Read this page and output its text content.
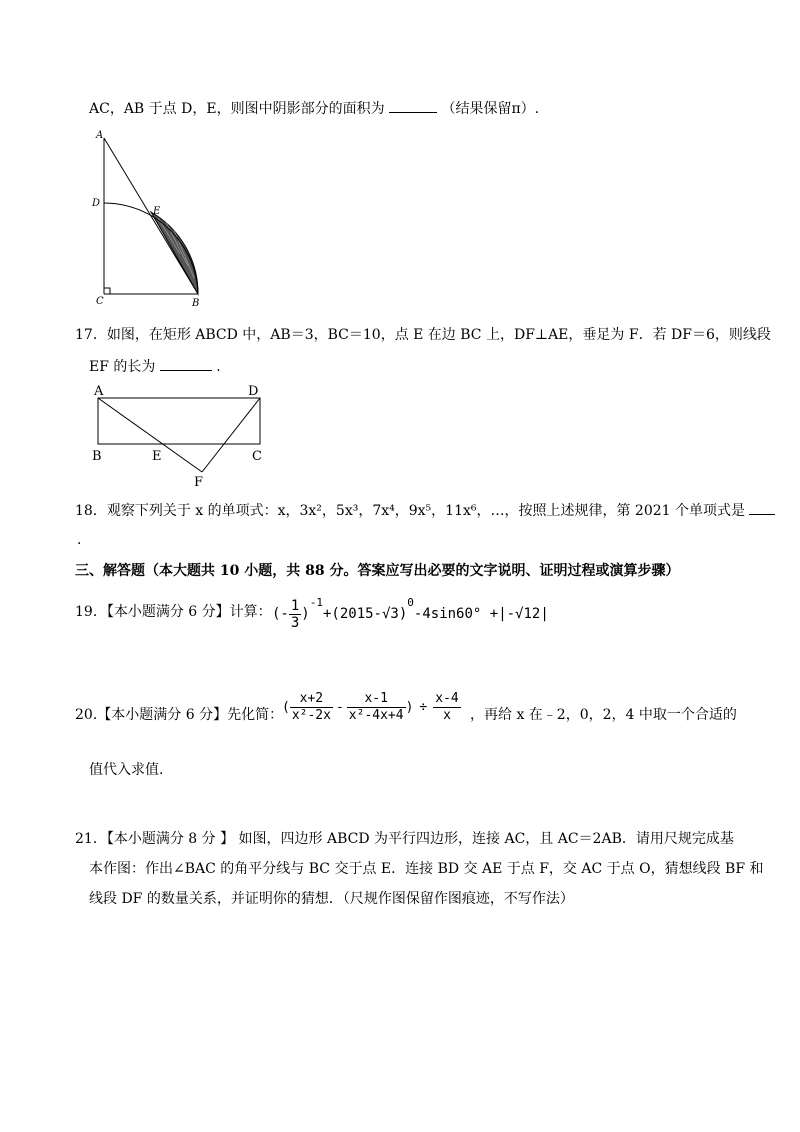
AC，AB 于点 D，E，则图中阴影部分的面积为	（结果保留π）.
A
D
E
C	B
17．如图，在矩形 ABCD 中，AB＝3，BC＝10，点 E 在边 BC 上，DF⊥AE，垂足为 F．若 DF＝6，则线段
EF 的长为	.
A	D
B	E	C
F
18．观察下列关于 x 的单项式：x，3x²，5x³，7x⁴，9x⁵，11x⁶，…，按照上述规律，第 2021 个单项式是
.
三、解答题（本大题共 10 小题，共 88 分。答案应写出必要的文字说明、证明过程或演算步骤）
19．【本小题满分 6 分】计算： (- $\frac{1}{3}$ )
$^{-1}$
+(2015-√3)
$^0$
-4sin60° +|-√12|
20.【本小题满分 6 分】先化简：
( $\frac{x+2}{\text{x²-2x}} - \frac{x-1}{\text{x²-4x+4}}$ ) ÷ $\frac{x-4}{x}$ ，再给 x 在﹣2，0，2，4 中取一个合适的
值代入求值.
21．【本小题满分 8 分 】 如图，四边形 ABCD 为平行四边形，连接 AC，且 AC＝2AB．请用尺规完成基
本作图：作出∠BAC 的角平分线与 BC 交于点 E．连接 BD 交 AE 于点 F，交 AC 于点 O，猜想线段 BF 和
线段 DF 的数量关系，并证明你的猜想．（尺规作图保留作图痕迹，不写作法）
